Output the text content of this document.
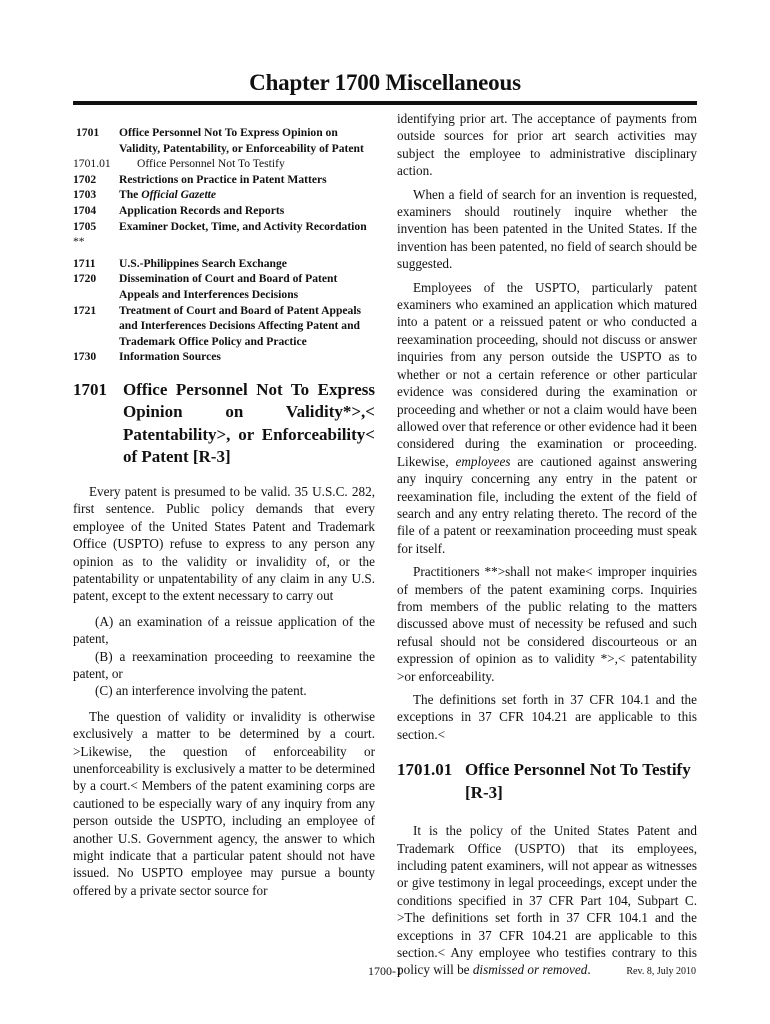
Chapter 1700 Miscellaneous
1701	Office Personnel Not To Express Opinion on Validity, Patentability, or Enforceability of Patent
1701.01	Office Personnel Not To Testify
1702	Restrictions on Practice in Patent Matters
1703	The Official Gazette
1704	Application Records and Reports
1705	Examiner Docket, Time, and Activity Recordation
**
1711	U.S.-Philippines Search Exchange
1720	Dissemination of Court and Board of Patent Appeals and Interferences Decisions
1721	Treatment of Court and Board of Patent Appeals and Interferences Decisions Affecting Patent and Trademark Office Policy and Practice
1730	Information Sources
1701 Office Personnel Not To Express Opinion on Validity*>,< Patentability>, or Enforceability< of Patent [R-3]

Every patent is presumed to be valid. 35 U.S.C. 282, first sentence. Public policy demands that every employee of the United States Patent and Trademark Office (USPTO) refuse to express to any person any opinion as to the validity or invalidity of, or the patentability or unpatentability of any claim in any U.S. patent, except to the extent necessary to carry out

(A) an examination of a reissue application of the patent,

(B) a reexamination proceeding to reexamine the patent, or

(C) an interference involving the patent.

The question of validity or invalidity is otherwise exclusively a matter to be determined by a court. >Likewise, the question of enforceability or unenforceability is exclusively a matter to be determined by a court.< Members of the patent examining corps are cautioned to be especially wary of any inquiry from any person outside the USPTO, including an employee of another U.S. Government agency, the answer to which might indicate that a particular patent should not have issued. No USPTO employee may pursue a bounty offered by a private sector source for

identifying prior art. The acceptance of payments from outside sources for prior art search activities may subject the employee to administrative disciplinary action.

When a field of search for an invention is requested, examiners should routinely inquire whether the invention has been patented in the United States. If the invention has been patented, no field of search should be suggested.

Employees of the USPTO, particularly patent examiners who examined an application which matured into a patent or a reissued patent or who conducted a reexamination proceeding, should not discuss or answer inquiries from any person outside the USPTO as to whether or not a certain reference or other particular evidence was considered during the examination or proceeding and whether or not a claim would have been allowed over that reference or other evidence had it been considered during the examination or proceeding. Likewise, employees are cautioned against answering any inquiry concerning any entry in the patent or reexamination file, including the extent of the field of search and any entry relating thereto. The record of the file of a patent or reexamination proceeding must speak for itself.

Practitioners **>shall not make< improper inquiries of members of the patent examining corps. Inquiries from members of the public relating to the matters discussed above must of necessity be refused and such refusal should not be considered discourteous or an expression of opinion as to validity *>,< patentability >or enforceability.

The definitions set forth in 37 CFR 104.1 and the exceptions in 37 CFR 104.21 are applicable to this section.<

1701.01 Office Personnel Not To Testify [R-3]

It is the policy of the United States Patent and Trademark Office (USPTO) that its employees, including patent examiners, will not appear as witnesses or give testimony in legal proceedings, except under the conditions specified in 37 CFR Part 104, Subpart C. >The definitions set forth in 37 CFR 104.1 and the exceptions in 37 CFR 104.21 are applicable to this section.< Any employee who testifies contrary to this policy will be dismissed or removed.

1700-1	Rev. 8, July 2010
